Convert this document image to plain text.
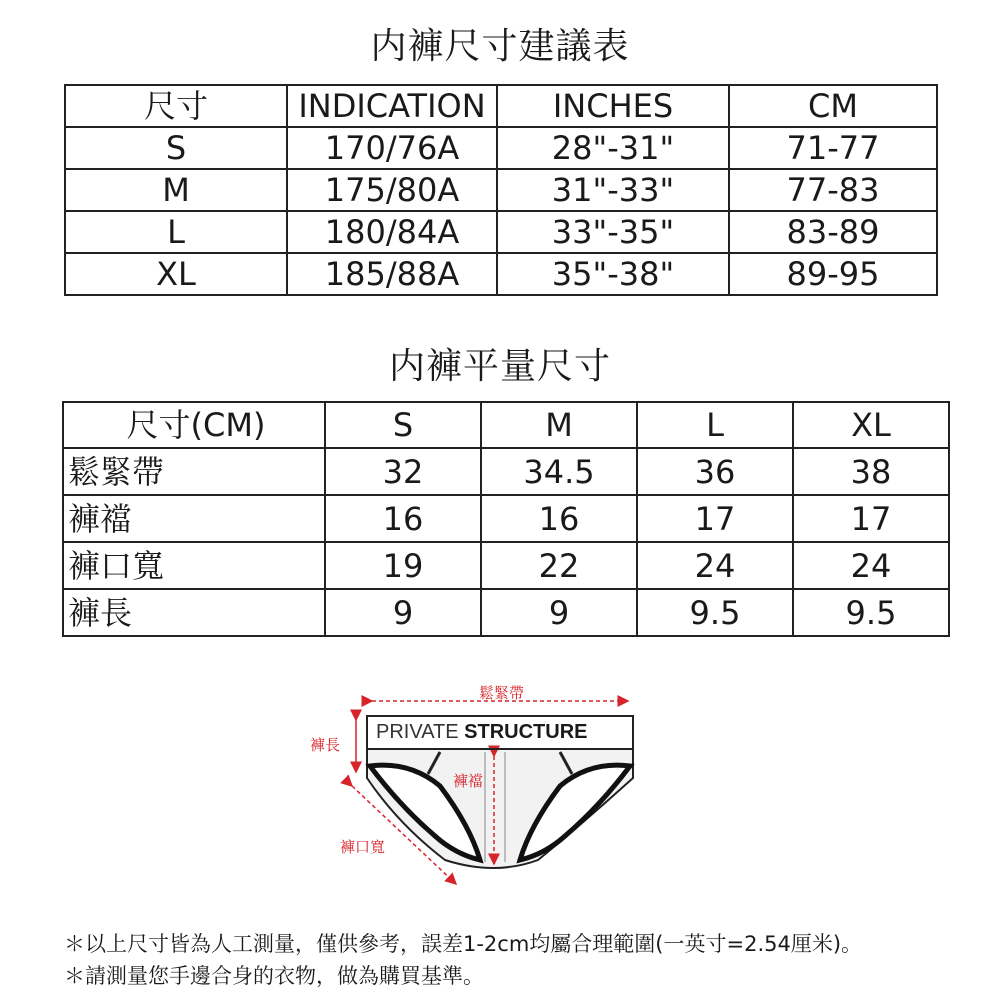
内褲尺寸建議表
尺寸	INDICATION	INCHES	CM
S	170/76A	28"-31"	71-77
M	175/80A	31"-33"	77-83
L	180/84A	33"-35"	83-89
XL	185/88A	35"-38"	89-95
内褲平量尺寸
尺寸(CM)	S	M	L	XL
鬆緊帶	32	34.5	36	38
褲襠	16	16	17	17
褲口寬	19	22	24	24
褲長	9	9	9.5	9.5
PRIVATE STRUCTURE
鬆緊帶
褲長
褲襠
褲口寬
＊以上尺寸皆為人工測量，僅供參考，誤差1-2cm均屬合理範圍(一英寸=2.54厘米)。
＊請測量您手邊合身的衣物，做為購買基準。
